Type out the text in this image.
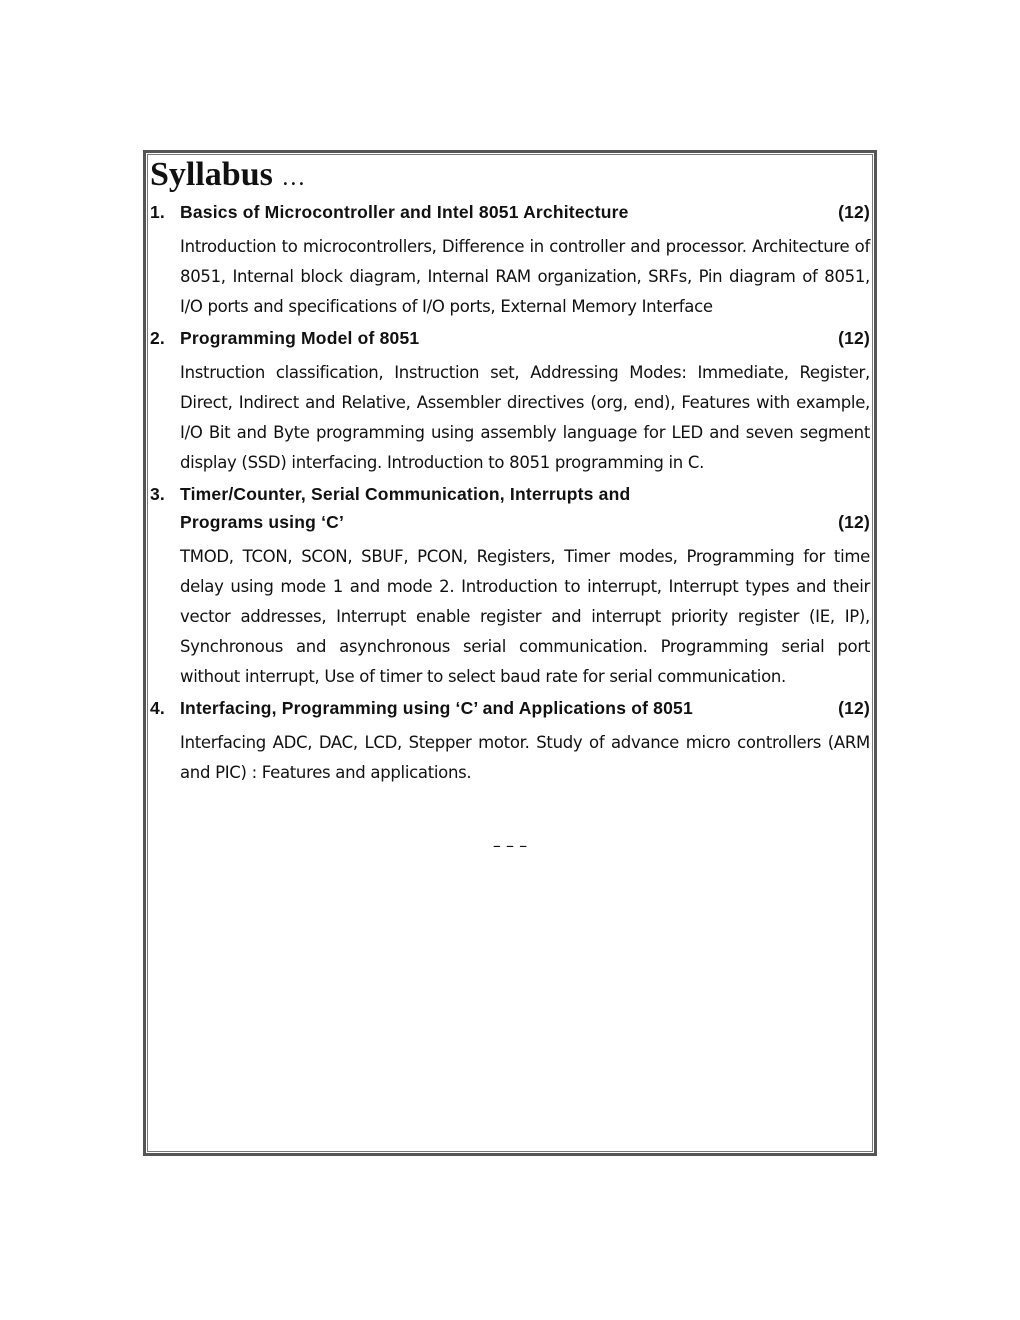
Syllabus …
1. Basics of Microcontroller and Intel 8051 Architecture	(12)
Introduction to microcontrollers, Difference in controller and processor. Architecture of 8051, Internal block diagram, Internal RAM organization, SRFs, Pin diagram of 8051, I/O ports and specifications of I/O ports, External Memory Interface
2. Programming Model of 8051	(12)
Instruction classification, Instruction set, Addressing Modes: Immediate, Register, Direct, Indirect and Relative, Assembler directives (org, end), Features with example, I/O Bit and Byte programming using assembly language for LED and seven segment display (SSD) interfacing. Introduction to 8051 programming in C.
3. Timer/Counter, Serial Communication, Interrupts and
Programs using ‘C’	(12)
TMOD, TCON, SCON, SBUF, PCON, Registers, Timer modes, Programming for time delay using mode 1 and mode 2. Introduction to interrupt, Interrupt types and their vector addresses, Interrupt enable register and interrupt priority register (IE, IP), Synchronous and asynchronous serial communication. Programming serial port without interrupt, Use of timer to select baud rate for serial communication.
4. Interfacing, Programming using ‘C’ and Applications of 8051	(12)
Interfacing ADC, DAC, LCD, Stepper motor. Study of advance micro controllers (ARM and PIC) : Features and applications.
– – –
